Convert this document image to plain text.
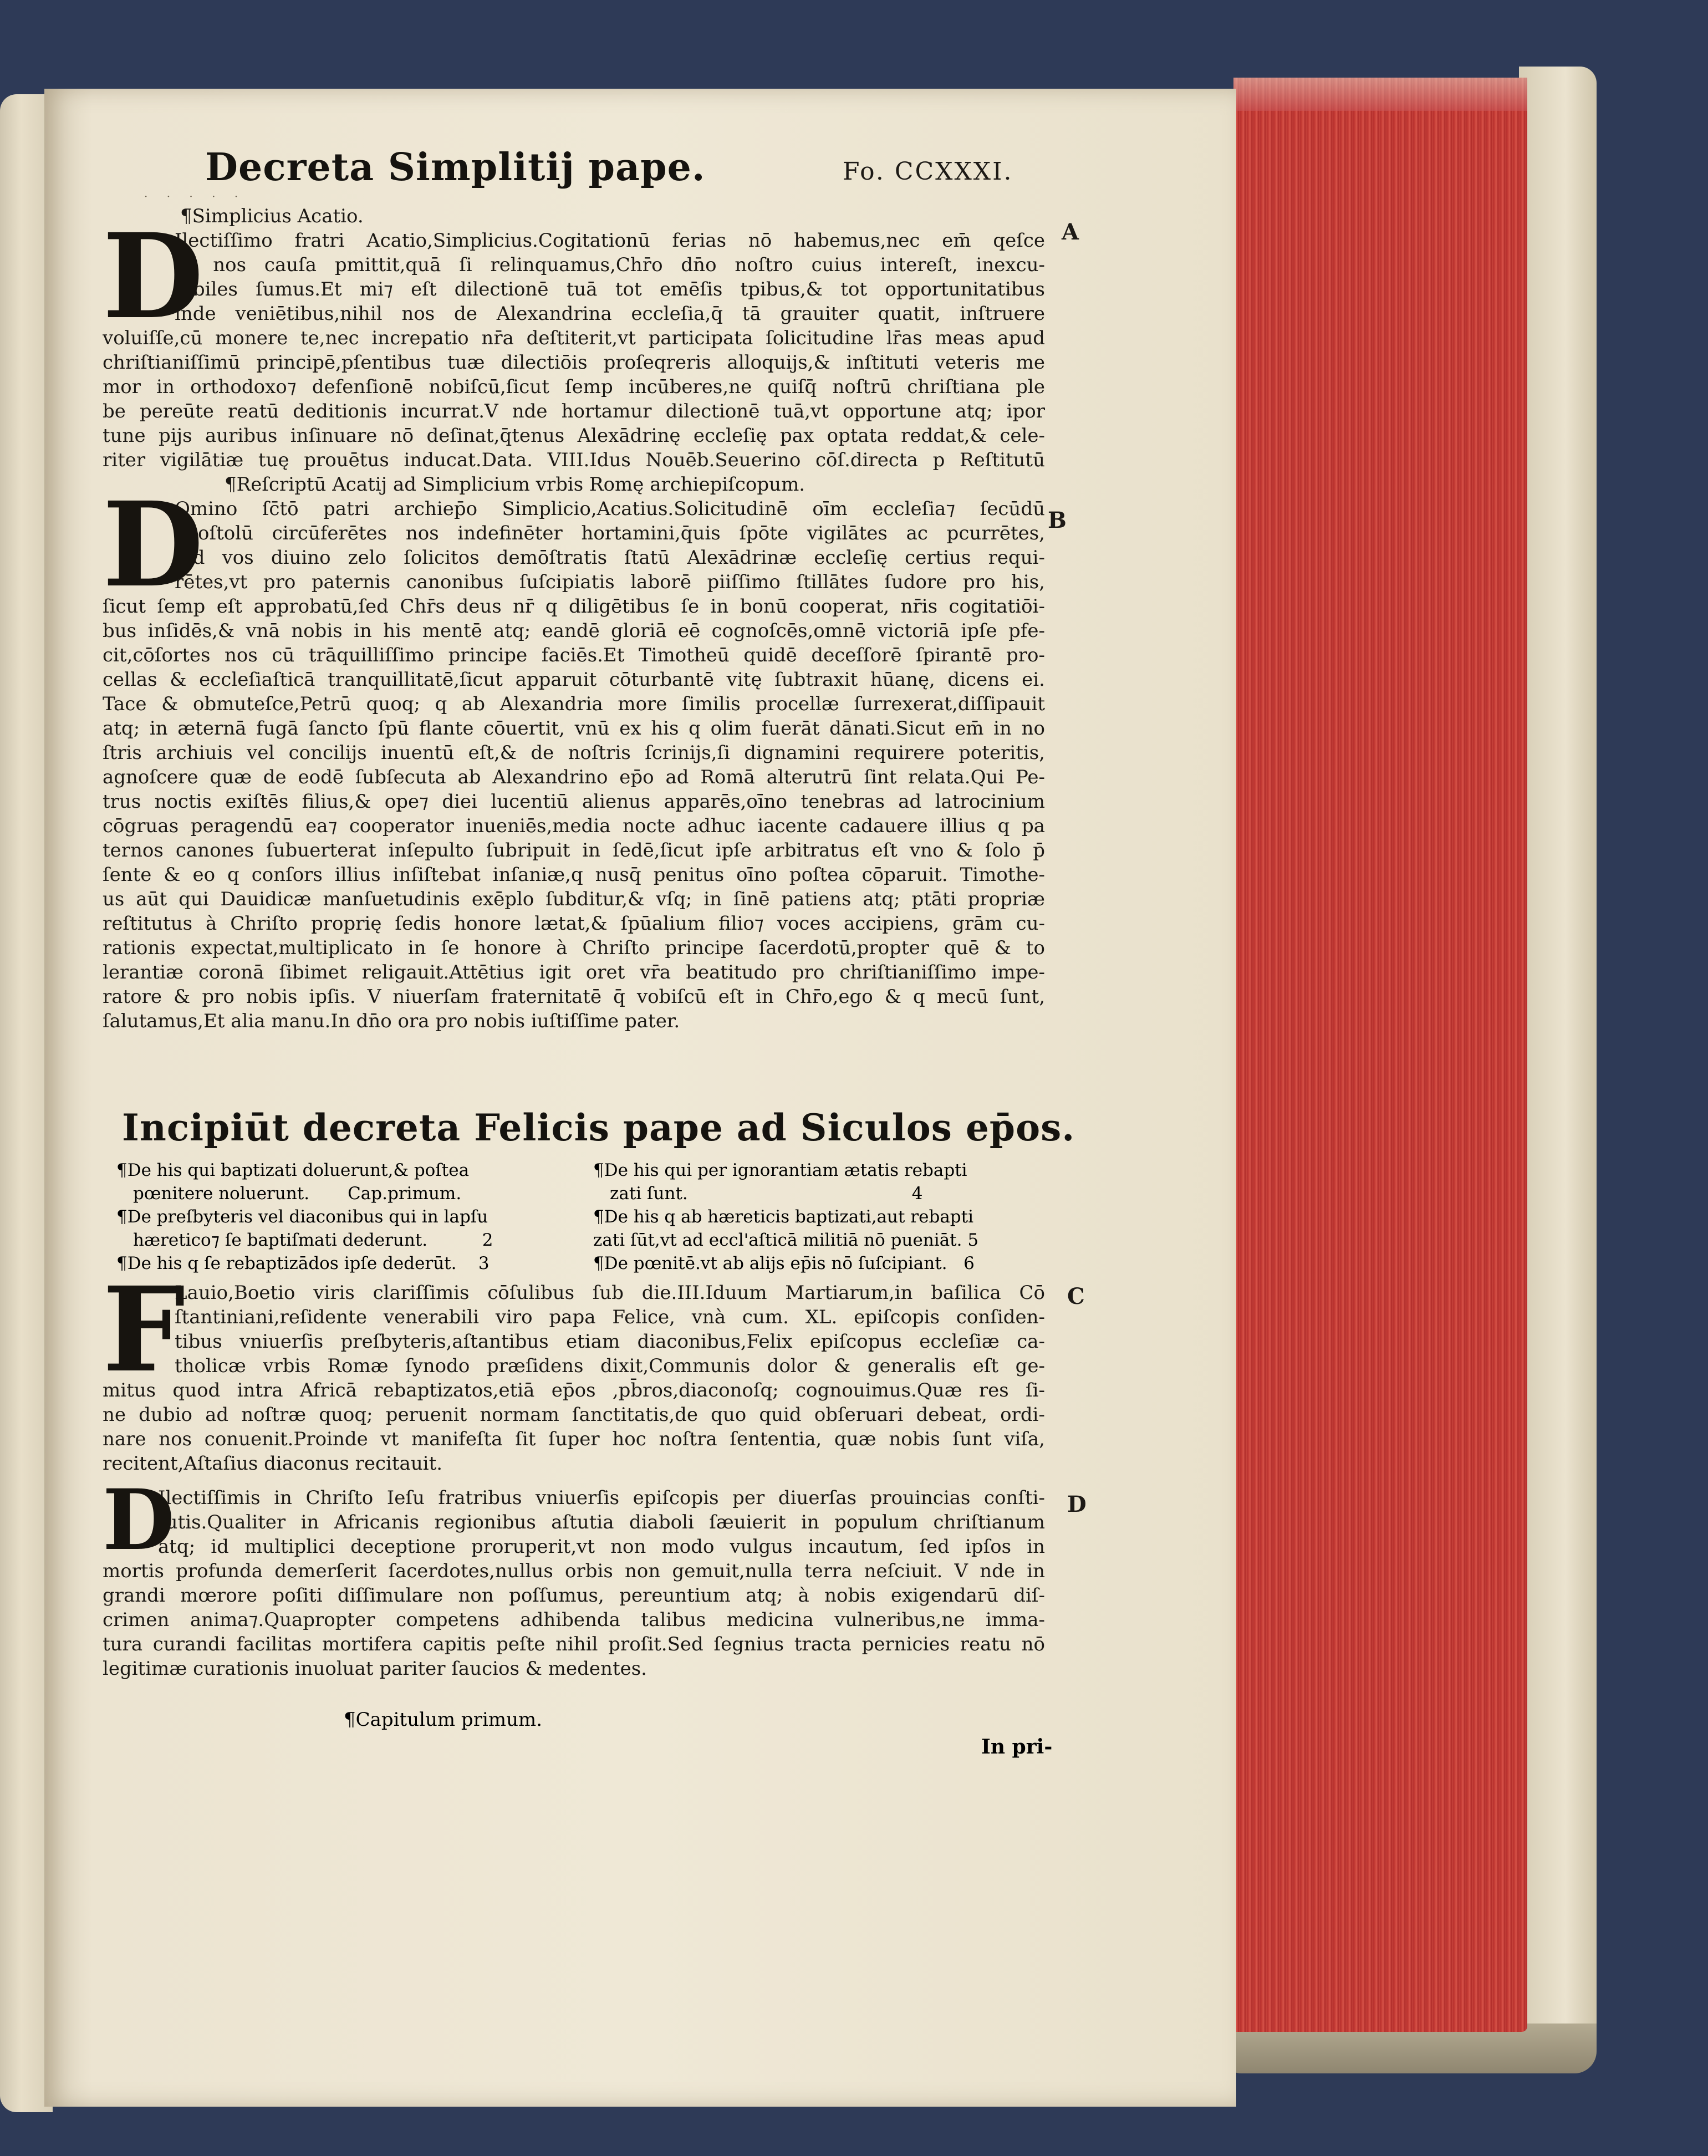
· · · · ·
Decreta Simplitij pape.	Fo. CCXXXI.
A
B
C
D
¶Simplicius Acatio.
D
Ilectiſſimo fratri Acatio,Simplicius.Cogitationū ferias nō habemus,nec em̄ qeſce
re nos cauſa pmittit,quā ſi relinquamus,Chr̄o dn̄o noſtro cuius intereſt, inexcu-
ſabiles ſumus.Et mi⁊ eſt dilectionē tuā tot emēſis tpibus,& tot opportunitatibus
inde veniētibus,nihil nos de Alexandrina eccleſia,q̄ tā grauiter quatit, inſtruere
voluiſſe,cū monere te,nec increpatio nr̄a deſtiterit,vt participata ſolicitudine lr̄as meas apud
chriſtianiſſimū principē,pſentibus tuæ dilectiōis proſeqreris alloquijs,& inſtituti veteris me
mor in orthodoxo⁊ defenſionē nobiſcū,ſicut ſemp incūberes,ne quiſq̄ noſtrū chriſtiana ple
be pereūte reatū deditionis incurrat.V nde hortamur dilectionē tuā,vt opportune atq; ipor
tune pijs auribus inſinuare nō deſinat,q̄tenus Alexādrinę eccleſię pax optata reddat,& cele-
riter vigilātiæ tuę prouētus inducat.Data. VIII.Idus Nouēb.Seuerino cōſ.directa p Reſtitutū
¶Reſcriptū Acatij ad Simplicium vrbis Romę archiepiſcopum.
D
Omino ſc̄tō patri archiep̄o Simplicio,Acatius.Solicitudinē oīm eccleſia⁊ ſecūdū
apoſtolū circūferētes nos indefinēter hortamini,q̄uis ſpōte vigilātes ac pcurrētes,
ſed vos diuino zelo ſolicitos demōſtratis ſtatū Alexādrinæ eccleſię certius requi-
rētes,vt pro paternis canonibus ſuſcipiatis laborē piiſſimo ſtillātes ſudore pro his,
ſicut ſemp eſt approbatū,ſed Chr̄s deus nr̄ q diligētibus ſe in bonū cooperat, nr̄is cogitatiōi-
bus inſidēs,& vnā nobis in his mentē atq; eandē gloriā eē cognoſcēs,omnē victoriā ipſe pfe-
cit,cōſortes nos cū trāquilliſſimo principe faciēs.Et Timotheū quidē deceſſorē ſpirantē pro-
cellas & eccleſiaſticā tranquillitatē,ſicut apparuit cōturbantē vitę ſubtraxit hūanę, dicens ei.
Tace & obmuteſce,Petrū quoq; q ab Alexandria more ſimilis procellæ ſurrexerat,diſſipauit
atq; in æternā fugā ſancto ſpū flante cōuertit, vnū ex his q olim fuerāt dānati.Sicut em̄ in no
ſtris archiuis vel concilijs inuentū eſt,& de noſtris ſcrinijs,ſi dignamini requirere poteritis,
agnoſcere quæ de eodē ſubſecuta ab Alexandrino ep̄o ad Romā alterutrū ſint relata.Qui Pe-
trus noctis exiſtēs filius,& ope⁊ diei lucentiū alienus apparēs,oīno tenebras ad latrocinium
cōgruas peragendū ea⁊ cooperator inueniēs,media nocte adhuc iacente cadauere illius q pa
ternos canones ſubuerterat inſepulto ſubripuit in ſedē,ſicut ipſe arbitratus eſt vno & ſolo p̄
ſente & eo q conſors illius inſiſtebat inſaniæ,q nusq̄ penitus oīno poſtea cōparuit. Timothe-
us aūt qui Dauidicæ manſuetudinis exēplo ſubditur,& vſq; in ſinē patiens atq; ptāti propriæ
reſtitutus à Chriſto proprię ſedis honore lætat,& ſpūalium filio⁊ voces accipiens, grām cu-
rationis expectat,multiplicato in ſe honore à Chriſto principe ſacerdotū,propter quē & to
lerantiæ coronā ſibimet religauit.Attētius igit oret vr̄a beatitudo pro chriſtianiſſimo impe-
ratore & pro nobis ipſis. V niuerſam fraternitatē q̄ vobiſcū eſt in Chr̄o,ego & q mecū ſunt,
ſalutamus,Et alia manu.In dn̄o ora pro nobis iuſtiſſime pater.
Incipiūt decreta Felicis pape ad Siculos ep̄os.
¶De his qui baptizati doluerunt,& poſtea	¶De his qui per ignorantiam ætatis rebapti
pœnitere noluerunt.       Cap.primum.	zati ſunt.                                         4
¶De preſbyteris vel diaconibus qui in lapſu	¶De his q ab hæreticis baptizati,aut rebapti
hæretico⁊ ſe baptiſmati dederunt.          2	zati ſūt,vt ad eccl'aſticā militiā nō pueniāt. 5
¶De his q ſe rebaptizādos ipſe dederūt.    3	¶De pœnitē.vt ab alijs ep̄is nō ſuſcipiant.   6
F
Lauio,Boetio viris clariſſimis cōſulibus ſub die.III.Iduum Martiarum,in baſilica Cō
ſtantiniani,reſidente venerabili viro papa Felice, vnà cum. XL. epiſcopis conſiden-
tibus vniuerſis preſbyteris,aſtantibus etiam diaconibus,Felix epiſcopus eccleſiæ ca-
tholicæ vrbis Romæ ſynodo præſidens dixit,Communis dolor & generalis eſt ge-
mitus quod intra Africā rebaptizatos,etiā ep̄os ,pb̄ros,diaconoſq; cognouimus.Quæ res ſi-
ne dubio ad noſtræ quoq; peruenit normam ſanctitatis,de quo quid obſeruari debeat, ordi-
nare nos conuenit.Proinde vt manifeſta ſit ſuper hoc noſtra ſententia, quæ nobis ſunt viſa,
recitent,Aſtaſius diaconus recitauit.
D
Ilectiſſimis in Chriſto Ieſu fratribus vniuerſis epiſcopis per diuerſas prouincias conſti-
tutis.Qualiter in Africanis regionibus aſtutia diaboli ſæuierit in populum chriſtianum
atq; id multiplici deceptione proruperit,vt non modo vulgus incautum, ſed ipſos in
mortis profunda demerſerit ſacerdotes,nullus orbis non gemuit,nulla terra neſciuit. V nde in
grandi mœrore poſiti diſſimulare non poſſumus, pereuntium atq; à nobis exigendarū diſ-
crimen anima⁊.Quapropter competens adhibenda talibus medicina vulneribus,ne imma-
tura curandi facilitas mortifera capitis peſte nihil proſit.Sed ſegnius tracta pernicies reatu nō
legitimæ curationis inuoluat pariter ſaucios & medentes.
¶Capitulum primum.
In pri-
